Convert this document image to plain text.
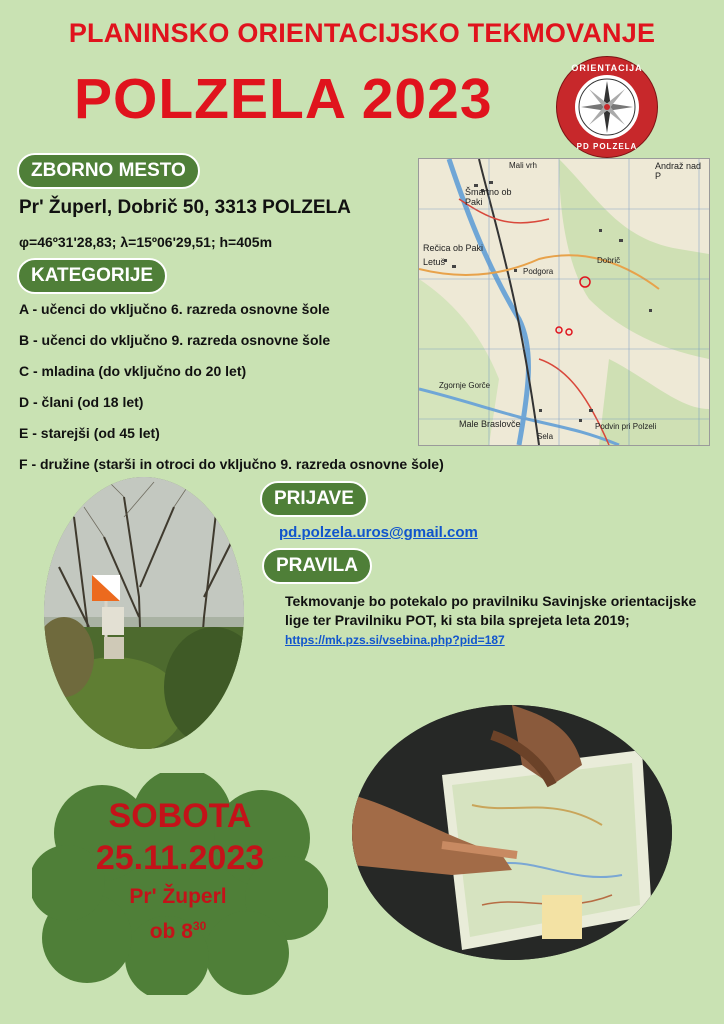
PLANINSKO ORIENTACIJSKO TEKMOVANJE
POLZELA 2023	ORIENTACIJA
PD POLZELA
ZBORNO MESTO
Pr' Župerl, Dobrič 50, 3313 POLZELA
φ=46º31'28,83; λ=15º06'29,51; h=405m
KATEGORIJE
A - učenci do vključno 6. razreda osnovne šole
B - učenci do vključno 9. razreda osnovne šole
C - mladina (do vključno do 20 let)
D - člani (od 18 let)
E - starejši (od 45 let)
F - družine (starši in otroci do vključno 9. razreda osnovne šole)
Andraž nad P
Šmartno ob Paki
Rečica ob Paki
Letuš
Podgora
Dobrič
Zgornje Gorče
Male Braslovče	Podvin pri Polzeli
Sela
Mali vrh
PRIJAVE
pd.polzela.uros@gmail.com
PRAVILA
Tekmovanje bo potekalo po pravilniku Savinjske orientacijske lige ter Pravilniku POT, ki sta bila sprejeta leta 2019; https://mk.pzs.si/vsebina.php?pid=187
SOBOTA
25.11.2023
Pr' Župerl
ob $8^{30}$
